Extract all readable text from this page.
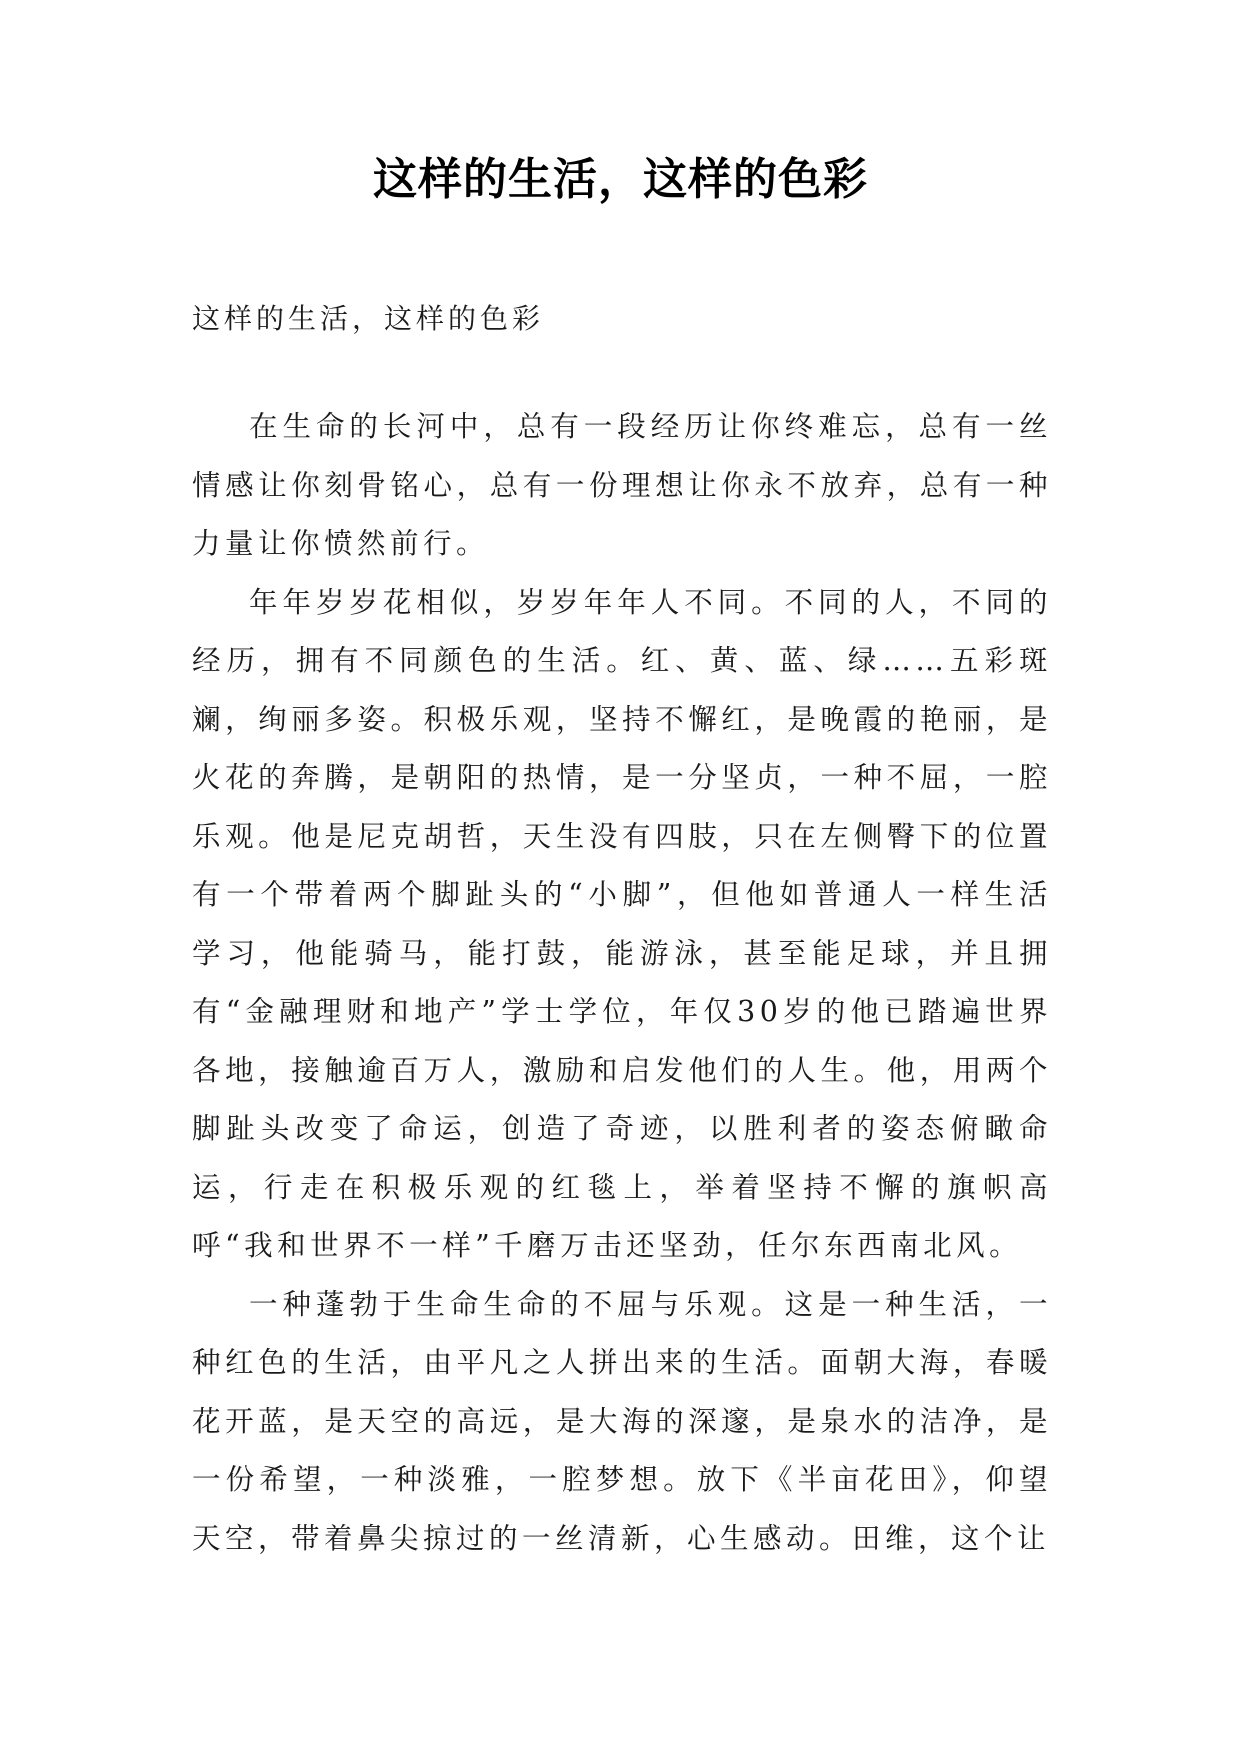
这样的生活，这样的色彩

这样的生活，这样的色彩

在生命的长河中，总有一段经历让你终难忘，总有一丝情感让你刻骨铭心，总有一份理想让你永不放弃，总有一种力量让你愤然前行。

年年岁岁花相似，岁岁年年人不同。不同的人，不同的经历，拥有不同颜色的生活。红、黄、蓝、绿……五彩斑斓，绚丽多姿。积极乐观，坚持不懈红，是晚霞的艳丽，是火花的奔腾，是朝阳的热情，是一分坚贞，一种不屈，一腔乐观。他是尼克胡哲，天生没有四肢，只在左侧臀下的位置有一个带着两个脚趾头的“小脚”，但他如普通人一样生活学习，他能骑马，能打鼓，能游泳，甚至能足球，并且拥有“金融理财和地产”学士学位，年仅30岁的他已踏遍世界各地，接触逾百万人，激励和启发他们的人生。他，用两个脚趾头改变了命运，创造了奇迹，以胜利者的姿态俯瞰命运，行走在积极乐观的红毯上，举着坚持不懈的旗帜高呼“我和世界不一样”千磨万击还坚劲，任尔东西南北风。

一种蓬勃于生命生命的不屈与乐观。这是一种生活，一种红色的生活，由平凡之人拼出来的生活。面朝大海，春暖花开蓝，是天空的高远，是大海的深邃，是泉水的洁净，是一份希望，一种淡雅，一腔梦想。放下《半亩花田》，仰望天空，带着鼻尖掠过的一丝清新，心生感动。田维，这个让
